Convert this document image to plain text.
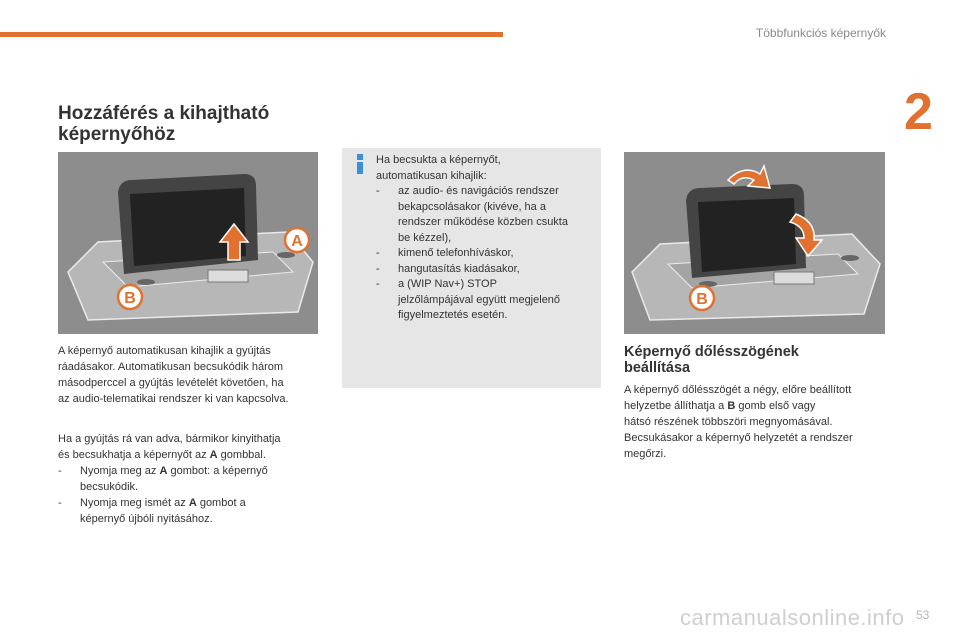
Többfunkciós képernyők
2
Hozzáférés a kihajtható
képernyőhöz
A
B
Ha becsukta a képernyőt,
automatikusan kihajlik:
-	az audio- és navigációs rendszer
bekapcsolásakor (kivéve, ha a
rendszer működése közben csukta
be kézzel),
-	kimenő telefonhíváskor,
-	hangutasítás kiadásakor,
-	a (WIP Nav+) STOP
jelzőlámpájával együtt megjelenő
figyelmeztetés esetén.
B
A képernyő automatikusan kihajlik a gyújtás
ráadásakor. Automatikusan becsukódik három
másodperccel a gyújtás levételét követően, ha
az audio-telematikai rendszer ki van kapcsolva.
Ha a gyújtás rá van adva, bármikor kinyithatja
és becsukhatja a képernyőt az A gombbal.
-	Nyomja meg az A gombot: a képernyő
becsukódik.
-	Nyomja meg ismét az A gombot a
képernyő újbóli nyitásához.
Képernyő dőlésszögének
beállítása
A képernyő dőlésszögét a négy, előre beállított
helyzetbe állíthatja a B gomb első vagy
hátsó részének többszöri megnyomásával.
Becsukásakor a képernyő helyzetét a rendszer
megőrzi.
carmanualsonline.info 53
